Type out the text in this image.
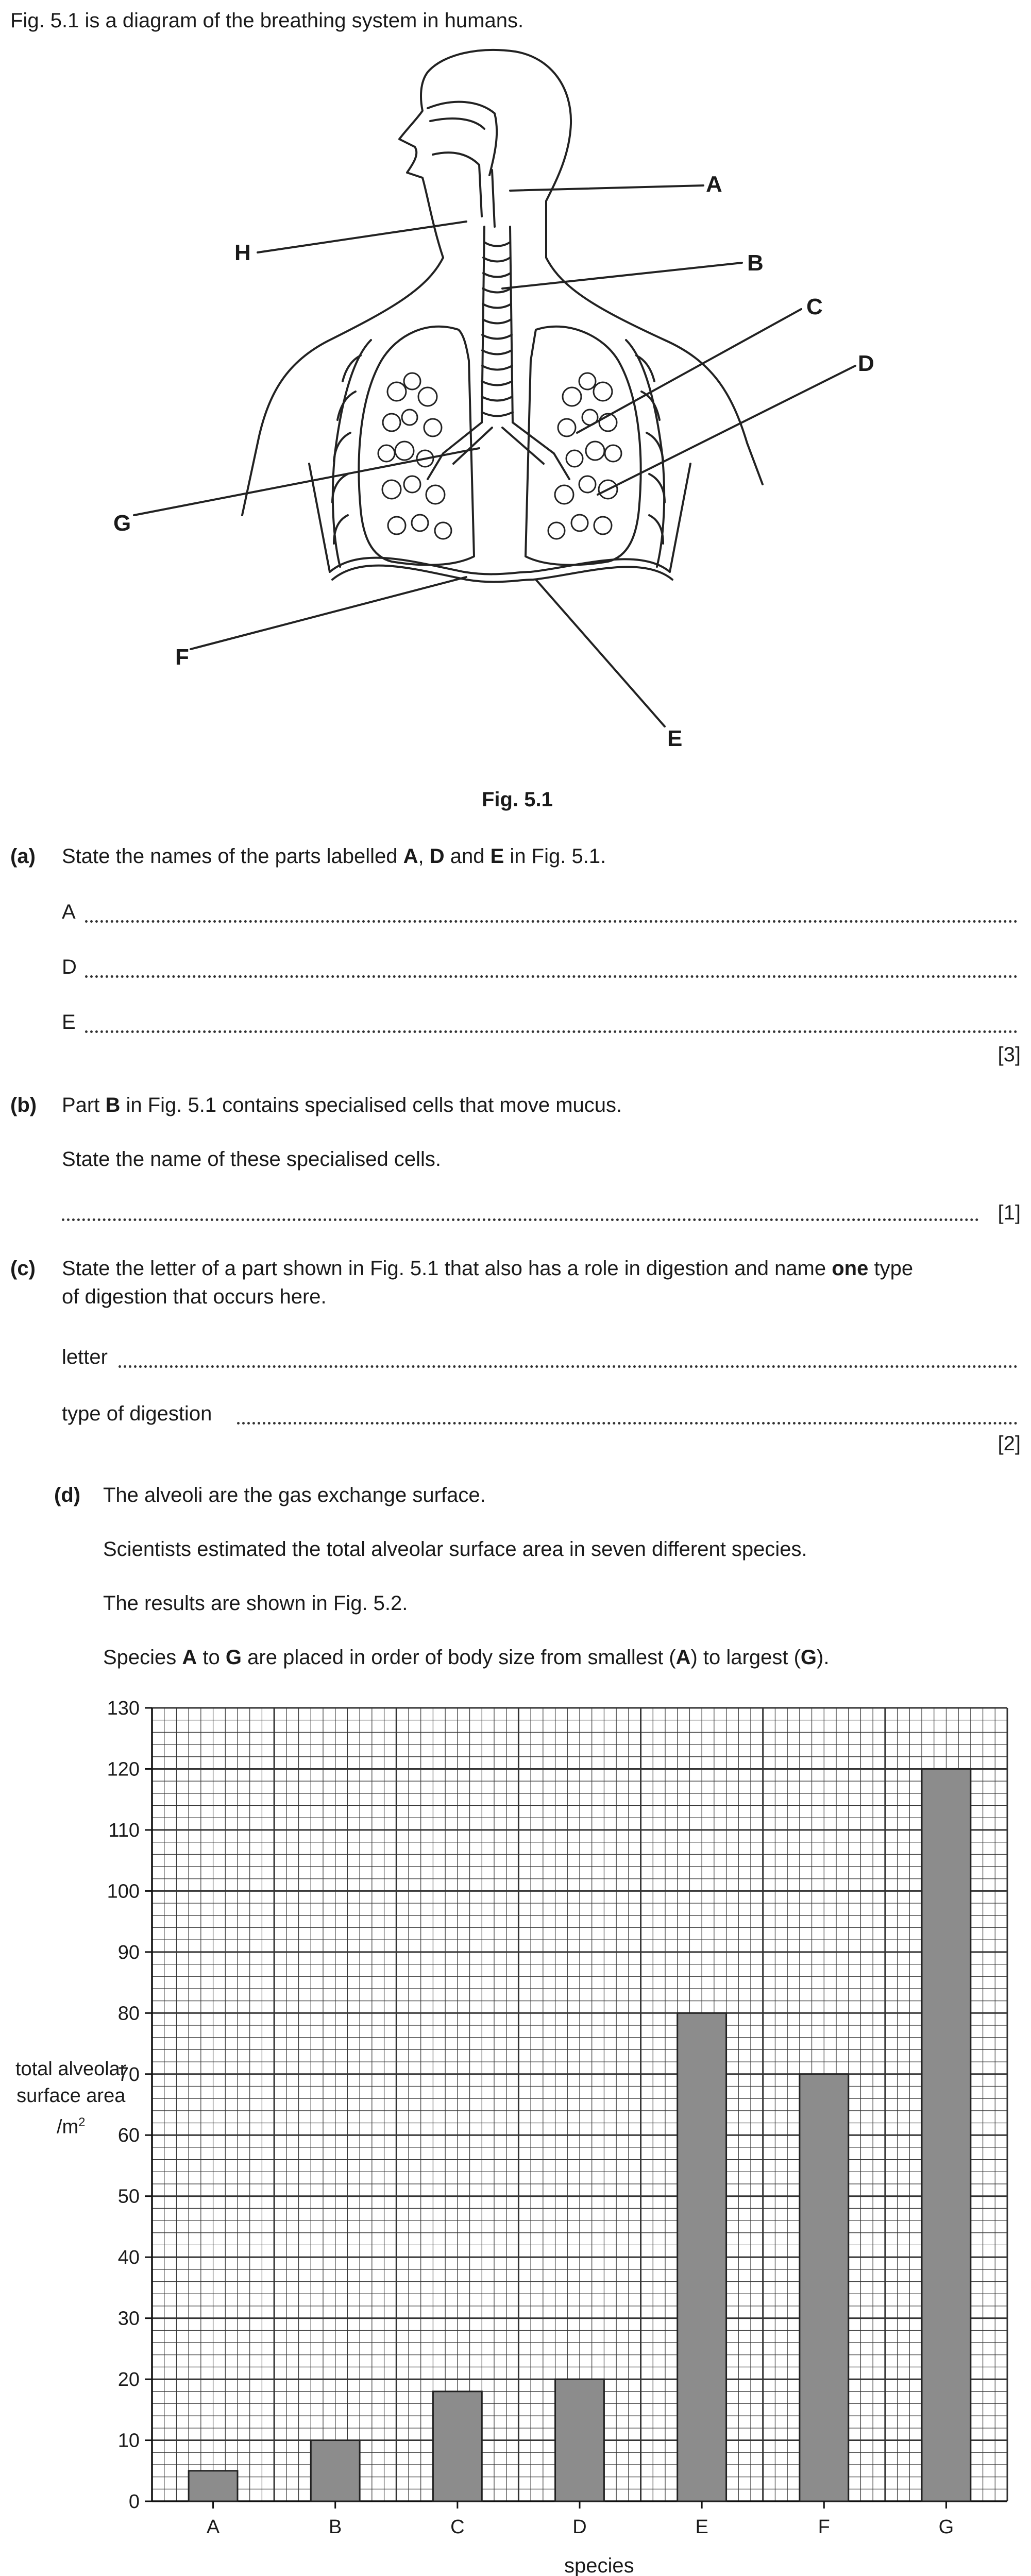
Fig. 5.1 is a diagram of the breathing system in humans.
A
B
C
D
E
F
G
H
Fig. 5.1
(a) State the names of the parts labelled A, D and E in Fig. 5.1.
A
D
E
[3]
(b) Part B in Fig. 5.1 contains specialised cells that move mucus.
State the name of these specialised cells.
[1]
(c) State the letter of a part shown in Fig. 5.1 that also has a role in digestion and name one type
of digestion that occurs here.
letter
type of digestion
[2]
(d) The alveoli are the gas exchange surface.
Scientists estimated the total alveolar surface area in seven different species.
The results are shown in Fig. 5.2.
Species A to G are placed in order of body size from smallest (A) to largest (G).
total alveolar
surface area
$/m^2$
0
10
20
30
40
50
60
70
80
90
100
110
120
130
A	B	C	D	E	F	G
species
